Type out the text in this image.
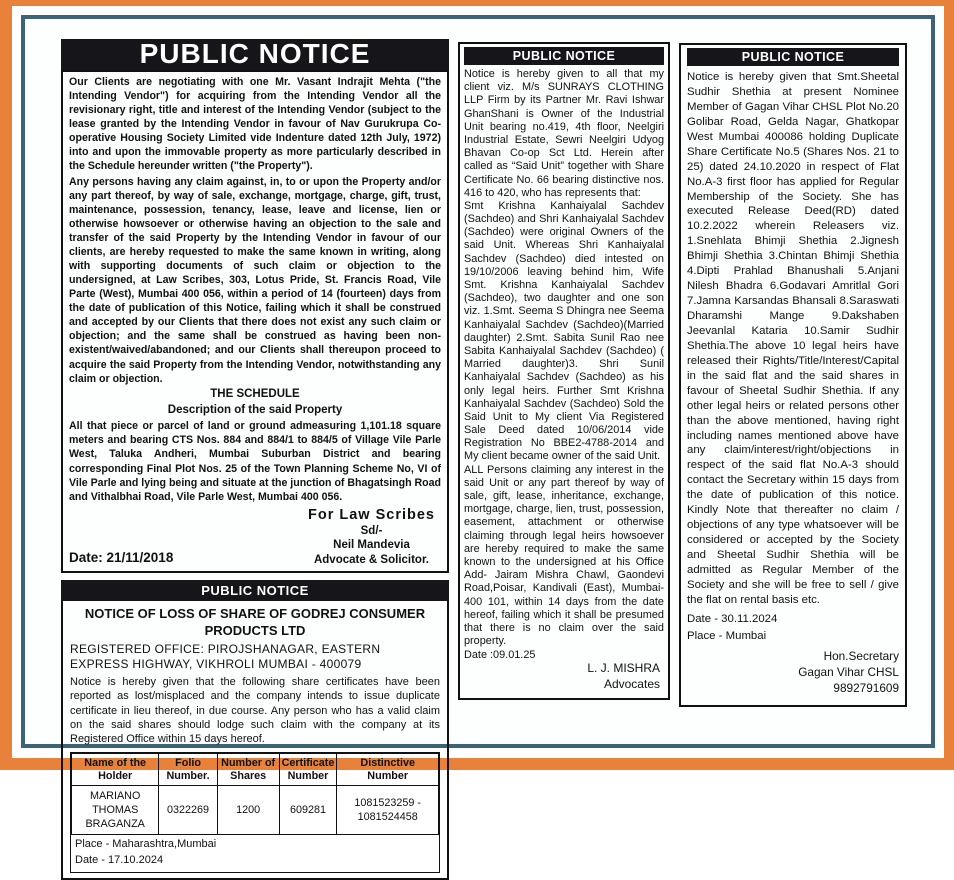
PUBLIC NOTICE

Our Clients are negotiating with one Mr. Vasant Indrajit Mehta ("the Intending Vendor") for acquiring from the Intending Vendor all the revisionary right, title and interest of the Intending Vendor (subject to the lease granted by the Intending Vendor in favour of Nav Gurukrupa Co-operative Housing Society Limited vide Indenture dated 12th July, 1972) into and upon the immovable property as more particularly described in the Schedule hereunder written ("the Property").

Any persons having any claim against, in, to or upon the Property and/or any part thereof, by way of sale, exchange, mortgage, charge, gift, trust, maintenance, possession, tenancy, lease, leave and license, lien or otherwise howsoever or otherwise having an objection to the sale and transfer of the said Property by the Intending Vendor in favour of our clients, are hereby requested to make the same known in writing, along with supporting documents of such claim or objection to the undersigned, at Law Scribes, 303, Lotus Pride, St. Francis Road, Vile Parte (West), Mumbai 400 056, within a period of 14 (fourteen) days from the date of publication of this Notice, failing which it shall be construed and accepted by our Clients that there does not exist any such claim or objection; and the same shall be construed as having been non-existent/waived/abandoned; and our Clients shall thereupon proceed to acquire the said Property from the Intending Vendor, notwithstanding any claim or objection.

THE SCHEDULE
Description of the said Property

All that piece or parcel of land or ground admeasuring 1,101.18 square meters and bearing CTS Nos. 884 and 884/1 to 884/5 of Village Vile Parle West, Taluka Andheri, Mumbai Suburban District and bearing corresponding Final Plot Nos. 25 of the Town Planning Scheme No, VI of Vile Parle and lying being and situate at the junction of Bhagatsingh Road and Vithalbhai Road, Vile Parle West, Mumbai 400 056.

Date: 21/11/2018
For Law Scribes
Sd/-
Neil Mandevia
Advocate & Solicitor.
PUBLIC NOTICE
NOTICE OF LOSS OF SHARE OF GODREJ CONSUMER PRODUCTS LTD
REGISTERED OFFICE: PIROJSHANAGAR, EASTERN EXPRESS HIGHWAY, VIKHROLI MUMBAI - 400079
Notice is hereby given that the following share certificates have been reported as lost/misplaced and the company intends to issue duplicate certificate in lieu thereof, in due course. Any person who has a valid claim on the said shares should lodge such claim with the company at its Registered Office within 15 days hereof.
Name of the Holder	Folio Number.	Number of Shares	Certificate Number	Distinctive Number
MARIANO THOMAS BRAGANZA	0322269	1200	609281	1081523259 - 1081524458
Place - Maharashtra,Mumbai
Date - 17.10.2024
PUBLIC NOTICE

Notice is hereby given to all that my client viz. M/s SUNRAYS CLOTHING LLP Firm by its Partner Mr. Ravi Ishwar GhanShani is Owner of the Industrial Unit bearing no.419, 4th floor, Neelgiri Industrial Estate, Sewri Neelgiri Udyog Bhavan Co-op Sct Ltd. Herein after called as “Said Unit” together with Share Certificate No. 66 bearing distinctive nos. 416 to 420, who has represents that:

Smt Krishna Kanhaiyalal Sachdev (Sachdeo) and Shri Kanhaiyalal Sachdev (Sachdeo) were original Owners of the said Unit. Whereas Shri Kanhaiyalal Sachdev (Sachdeo) died intested on 19/10/2006 leaving behind him, Wife Smt. Krishna Kanhaiyalal Sachdev (Sachdeo), two daughter and one son viz. 1.Smt. Seema S Dhingra nee Seema Kanhaiyalal Sachdev (Sachdeo)(Married daughter) 2.Smt. Sabita Sunil Rao nee Sabita Kanhaiyalal Sachdev (Sachdeo) ( Married daughter)3. Shri Sunil Kanhaiyalal Sachdev (Sachdeo) as his only legal heirs. Further Smt Krishna Kanhaiyalal Sachdev (Sachdeo) Sold the Said Unit to My client Via Registered Sale Deed dated 10/06/2014 vide Registration No BBE2-4788-2014 and My client became owner of the said Unit.

ALL Persons claiming any interest in the said Unit or any part thereof by way of sale, gift, lease, inheritance, exchange, mortgage, charge, lien, trust, possession, easement, attachment or otherwise claiming through legal heirs howsoever are hereby required to make the same known to the undersigned at his Office Add- Jairam Mishra Chawl, Gaondevi Road,Poisar, Kandivali (East), Mumbai- 400 101, within 14 days from the date hereof, failing which it shall be presumed that there is no claim over the said property.

Date :09.01.25
L. J. MISHRA
Advocates
PUBLIC NOTICE

Notice is hereby given that Smt.Sheetal Sudhir Shethia at present Nominee Member of Gagan Vihar CHSL Plot No.20 Golibar Road, Gelda Nagar, Ghatkopar West Mumbai 400086 holding Duplicate Share Certificate No.5 (Shares Nos. 21 to 25) dated 24.10.2020 in respect of Flat No.A-3 first floor has applied for Regular Membership of the Society. She has executed Release Deed(RD) dated 10.2.2022 wherein Releasers viz. 1.Snehlata Bhimji Shethia 2.Jignesh Bhimji Shethia 3.Chintan Bhimji Shethia 4.Dipti Prahlad Bhanushali 5.Anjani Nilesh Bhadra 6.Godavari Amritlal Gori 7.Jamna Karsandas Bhansali 8.Saraswati Dharamshi Mange 9.Dakshaben Jeevanlal Kataria 10.Samir Sudhir Shethia.The above 10 legal heirs have released their Rights/Title/Interest/Capital in the said flat and the said shares in favour of Sheetal Sudhir Shethia. If any other legal heirs or related persons other than the above mentioned, having right including names mentioned above have any claim/interest/right/objections in respect of the said flat No.A-3 should contact the Secretary within 15 days from the date of publication of this notice. Kindly Note that thereafter no claim / objections of any type whatsoever will be considered or accepted by the Society and Sheetal Sudhir Shethia will be admitted as Regular Member of the Society and she will be free to sell / give the flat on rental basis etc.

Date - 30.11.2024
Place - Mumbai
Hon.Secretary
Gagan Vihar CHSL
9892791609
